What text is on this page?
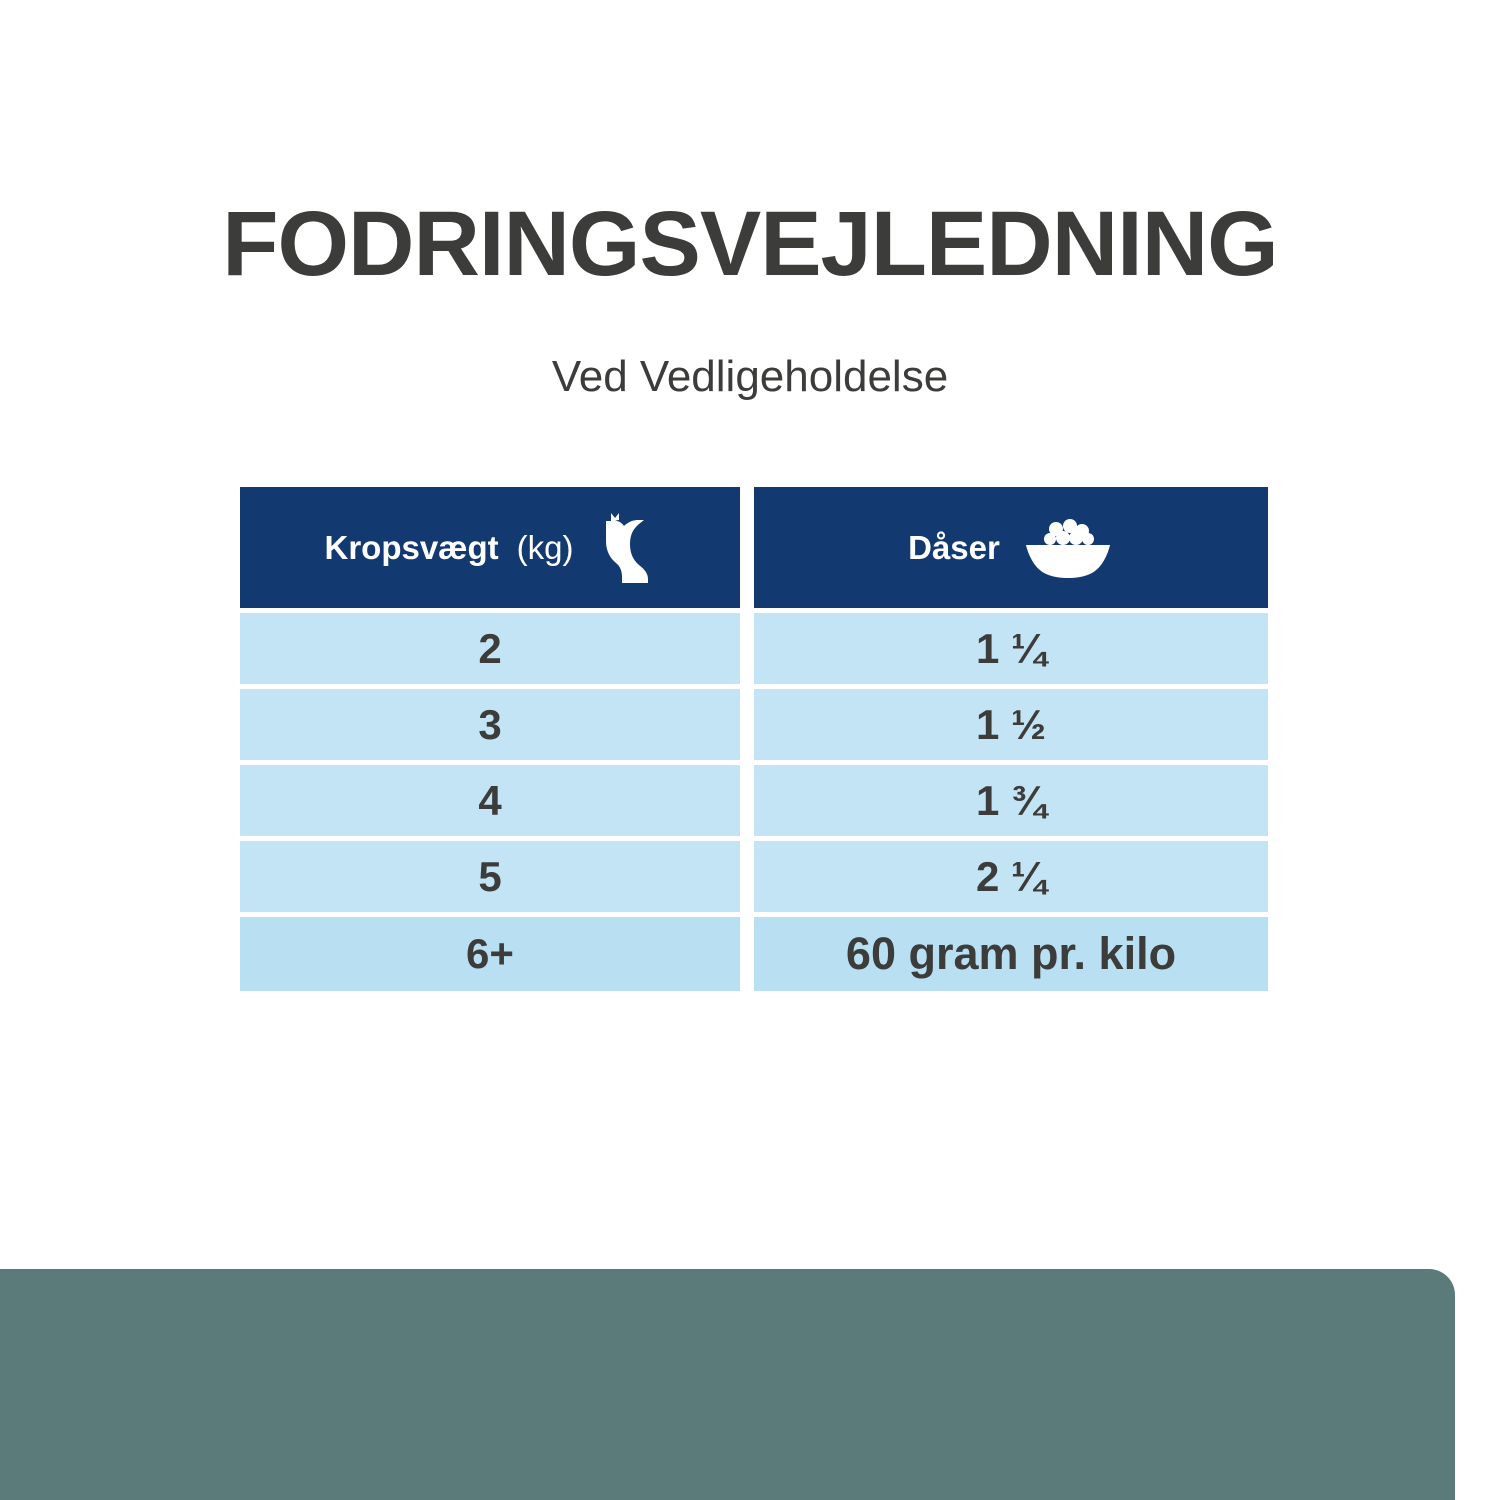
FODRINGSVEJLEDNING
Ved Vedligeholdelse
Kropsvægt (kg)	Dåser
2	1 ¼
3	1 ½
4	1 ¾
5	2 ¼
6+	60 gram pr. kilo
